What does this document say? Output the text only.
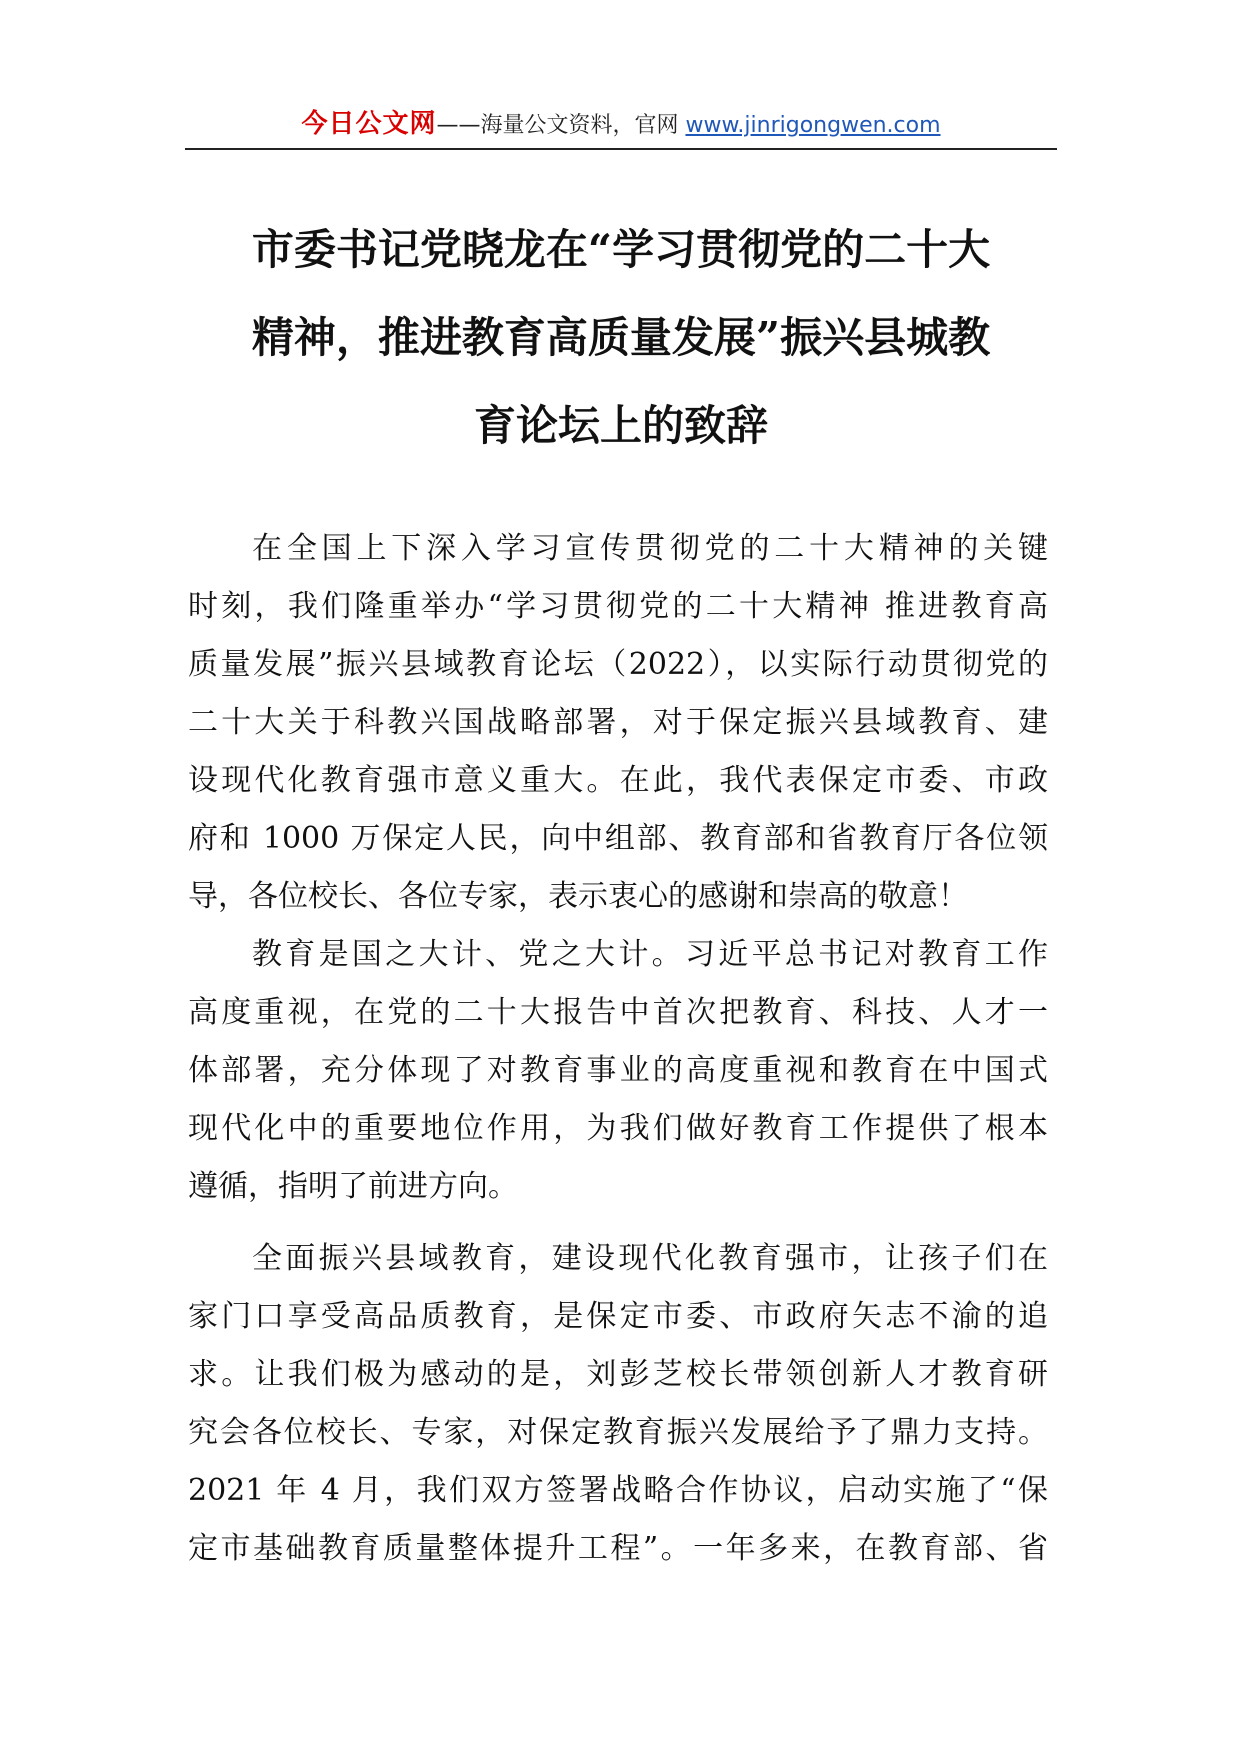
今日公文网——海量公文资料，官网 www.jinrigongwen.com
市委书记党晓龙在“学习贯彻党的二十大
精神，推进教育高质量发展”振兴县城教
育论坛上的致辞
在全国上下深入学习宣传贯彻党的二十大精神的关键
时刻，我们隆重举办“学习贯彻党的二十大精神 推进教育高
质量发展”振兴县域教育论坛（2022），以实际行动贯彻党的
二十大关于科教兴国战略部署，对于保定振兴县域教育、建
设现代化教育强市意义重大。在此，我代表保定市委、市政
府和 1000 万保定人民，向中组部、教育部和省教育厅各位领
导，各位校长、各位专家，表示衷心的感谢和崇高的敬意！
教育是国之大计、党之大计。习近平总书记对教育工作
高度重视，在党的二十大报告中首次把教育、科技、人才一
体部署，充分体现了对教育事业的高度重视和教育在中国式
现代化中的重要地位作用，为我们做好教育工作提供了根本
遵循，指明了前进方向。
全面振兴县域教育，建设现代化教育强市，让孩子们在
家门口享受高品质教育，是保定市委、市政府矢志不渝的追
求。让我们极为感动的是，刘彭芝校长带领创新人才教育研
究会各位校长、专家，对保定教育振兴发展给予了鼎力支持。
2021 年 4 月，我们双方签署战略合作协议，启动实施了“保
定市基础教育质量整体提升工程”。一年多来，在教育部、省
